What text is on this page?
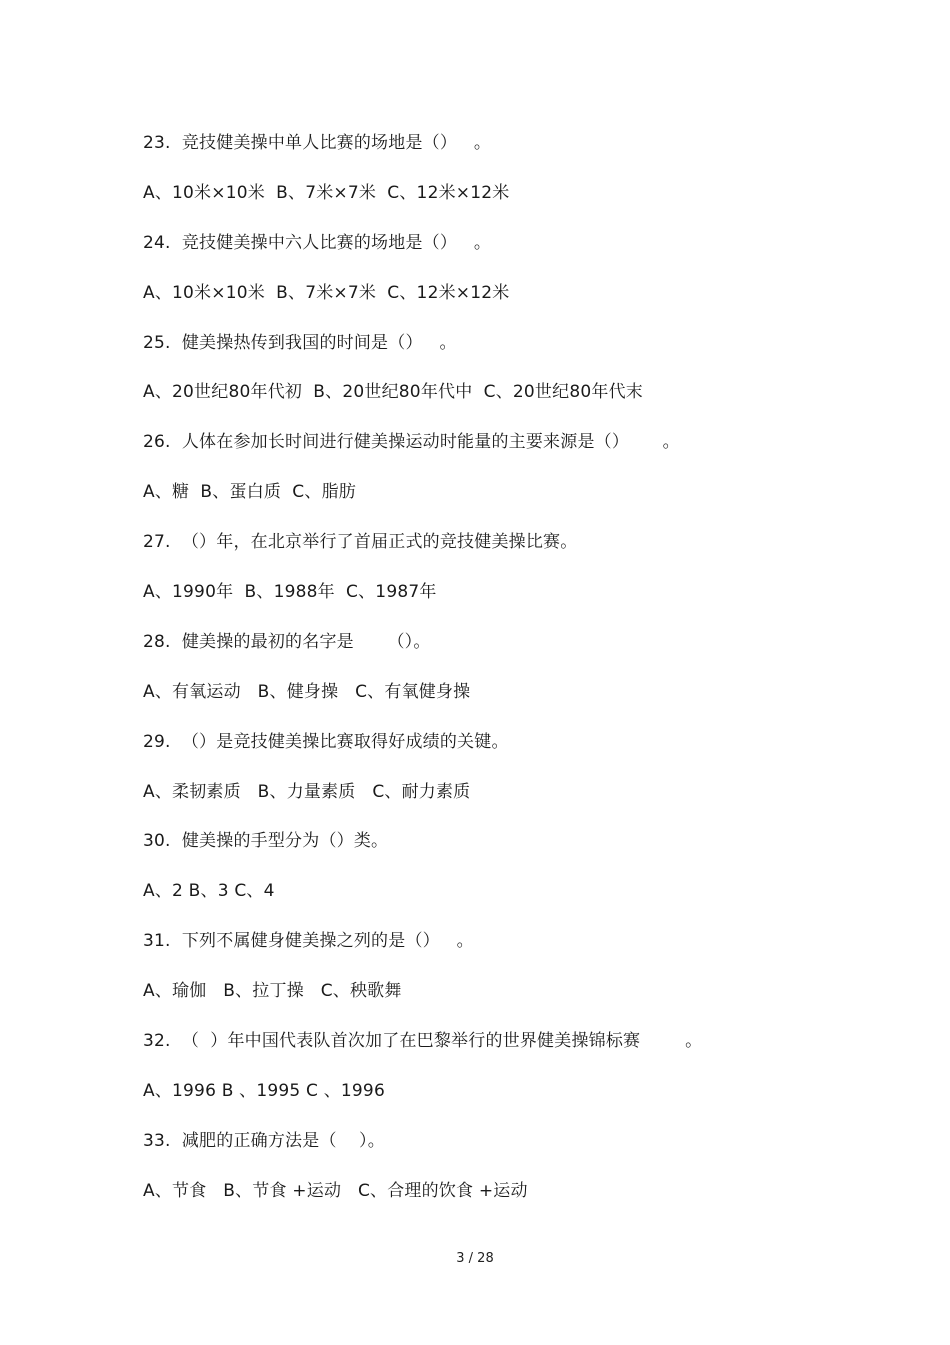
23.  竞技健美操中单人比赛的场地是（）   。
A、10米×10米  B、7米×7米  C、12米×12米
24.  竞技健美操中六人比赛的场地是（）   。
A、10米×10米  B、7米×7米  C、12米×12米
25.  健美操热传到我国的时间是（）   。
A、20世纪80年代初  B、20世纪80年代中  C、20世纪80年代末
26.  人体在参加长时间进行健美操运动时能量的主要来源是（）      。
A、糖  B、蛋白质  C、脂肪
27.  （）年，在北京举行了首届正式的竞技健美操比赛。
A、1990年  B、1988年  C、1987年
28.  健美操的最初的名字是      （）。
A、有氧运动   B、健身操   C、有氧健身操
29.  （）是竞技健美操比赛取得好成绩的关键。
A、柔韧素质   B、力量素质   C、耐力素质
30.  健美操的手型分为（）类。
A、2 B、3 C、4
31.  下列不属健身健美操之列的是（）   。
A、瑜伽   B、拉丁操   C、秧歌舞
32.  （  ）年中国代表队首次加了在巴黎举行的世界健美操锦标赛        。
A、1996 B 、1995 C 、1996
33.  减肥的正确方法是（    ）。
A、节食   B、节食 +运动   C、合理的饮食 +运动
3 / 28
